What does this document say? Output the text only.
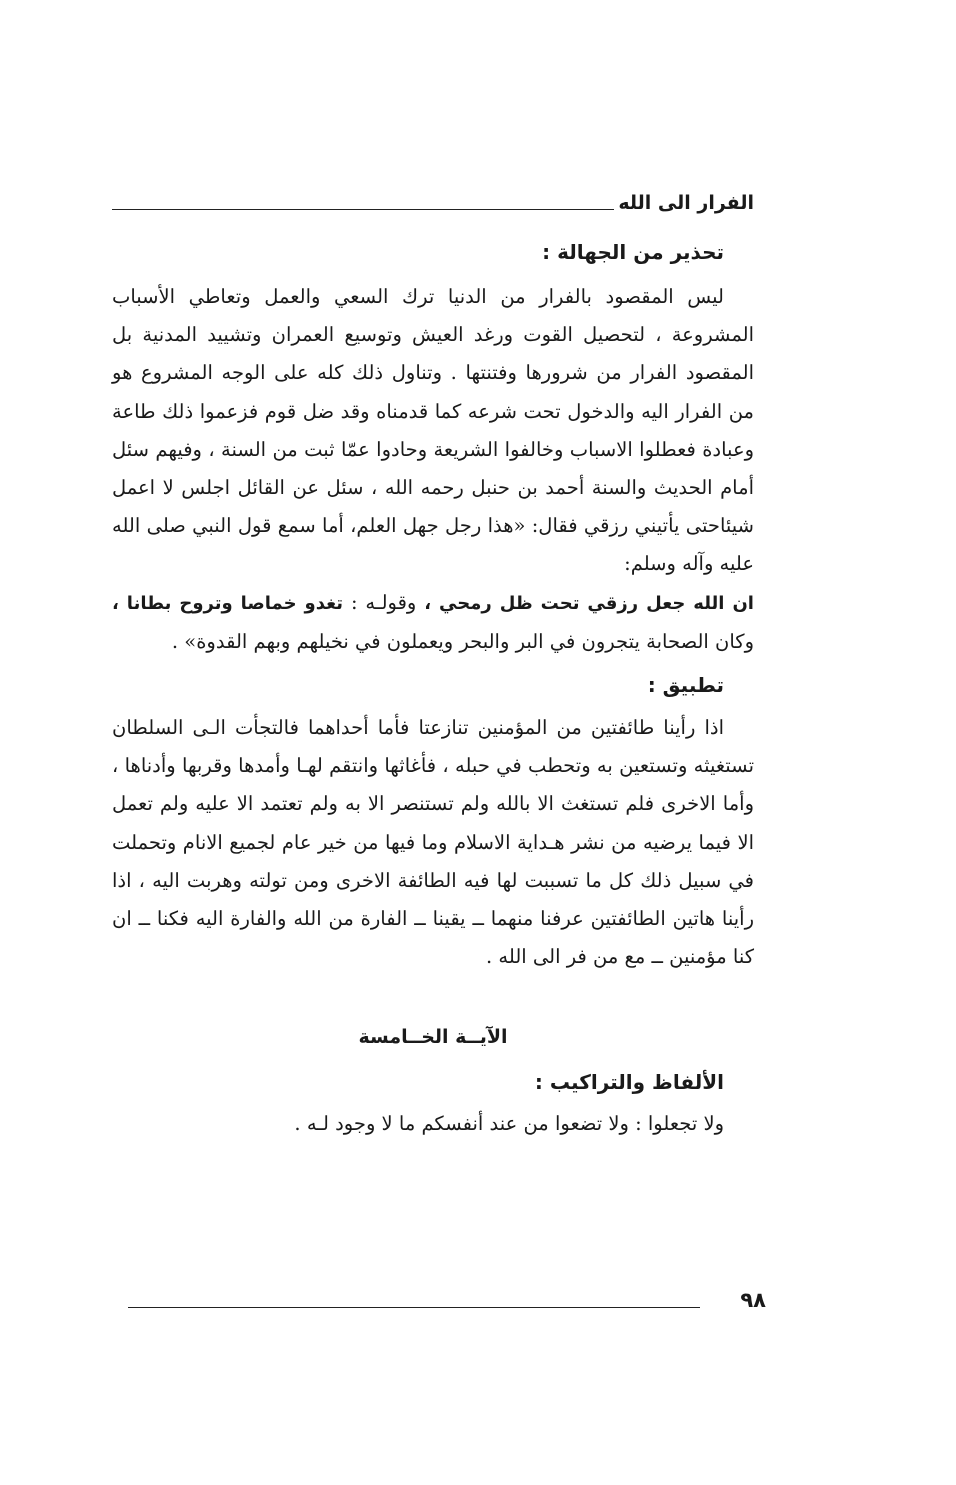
الفرار الى الله
تحذير من الجهالة :

ليس المقصود بالفرار من الدنيا ترك السعي والعمل وتعاطي الأسباب المشروعة ، لتحصيل القوت ورغد العيش وتوسيع العمران وتشييد المدنية بل المقصود الفرار من شرورها وفتنتها . وتناول ذلك كله على الوجه المشروع هو من الفرار اليه والدخول تحت شرعه كما قدمناه وقد ضل قوم فزعموا ذلك طاعة وعبادة فعطلوا الاسباب وخالفوا الشريعة وحادوا عمّا ثبت من السنة ، وفيهم سئل أمام الحديث والسنة أحمد بن حنبل رحمه الله ، سئل عن القائل اجلس لا اعمل شيئاحتى يأتيني رزقي فقال: «هذا رجل جهل العلم، أما سمع قول النبي صلى الله عليه وآله وسلم:
ان الله جعل رزقي تحت ظل رمحي ، وقولـه : تغدو خماصا وتروح بطانا ، وكان الصحابة يتجرون في البر والبحر ويعملون في نخيلهم وبهم القدوة» .

تطبيق :

اذا رأينا طائفتين من المؤمنين تنازعتا فأما أحداهما فالتجأت الـى السلطان تستغيثه وتستعين به وتحطب في حبله ، فأغاثها وانتقم لهـا وأمدها وقربها وأدناها ، وأما الاخرى فلم تستغث الا بالله ولم تستنصر الا به ولم تعتمد الا عليه ولم تعمل الا فيما يرضيه من نشر هـداية الاسلام وما فيها من خير عام لجميع الانام وتحملت في سبيل ذلك كل ما تسببت لها فيه الطائفة الاخرى ومن تولته وهربت اليه ، اذا رأينا هاتين الطائفتين عرفنا منهما ــ يقينا ــ الفارة من الله والفارة اليه فكنا ــ ان كنا مؤمنين ــ مع من فر الى الله .

الآيــة الخــامسة
الألفاظ والتراكيب :

ولا تجعلوا : ولا تضعوا من عند أنفسكم ما لا وجود لـه .

٩٨
